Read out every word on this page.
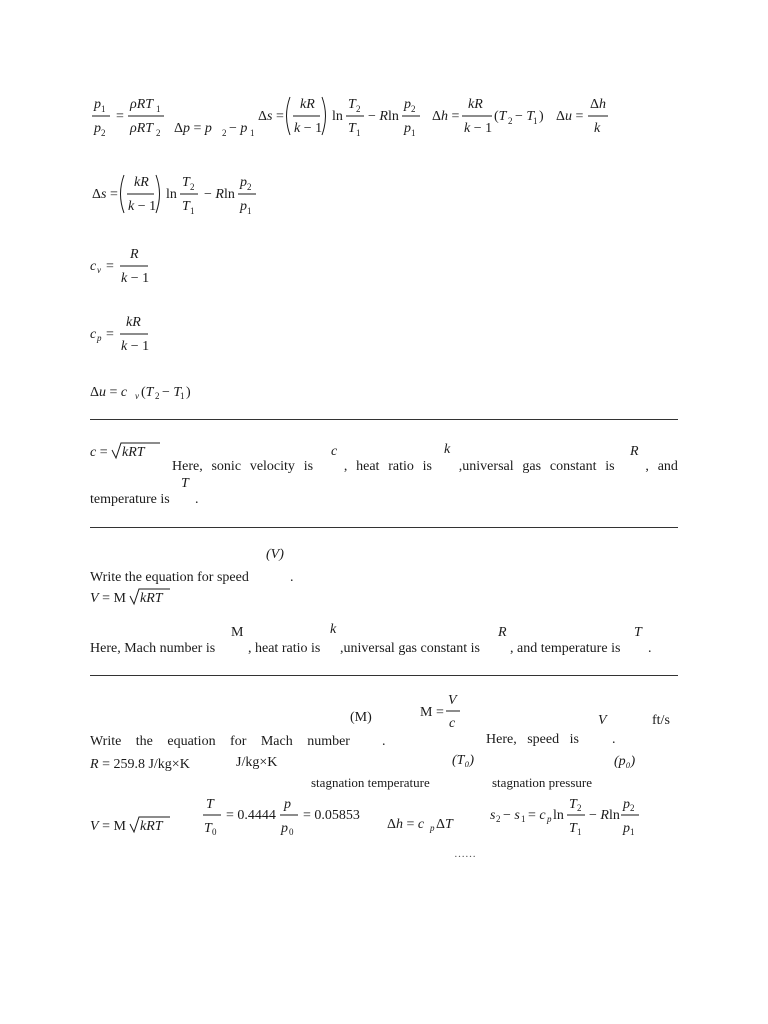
p 1
p 2
=
ρRT 1
ρRT 2 Δp = p 2 − p 1
Δs =
kR
k − 1
ln
T 2
T 1
− Rln
p 2
p 1
Δh =
kR
k − 1
(T 2 − T
1 ) Δu =
Δh
k
Δs =
kR
k − 1
ln
T 2
T 1
− Rln
p 2
p 1
c v =
R
k − 1
c p =
kR
k − 1
Δu = c v (T 2 − T
1 )
c = kRT	c	k	R
T
Here, sonic velocity is , heat ratio is ,universal gas constant is , and
temperature is .
(V)
Write the equation for speed	.
V = M kRT
M	k	R	T
Here, Mach number is , heat ratio is ,universal gas constant is , and temperature is .
(M)	M =
V
c	V	ft/s
Write the equation for Mach number .	Here,   speed   is .
R = 259.8 J/kg×K	J/kg×K	(T₀)	(p₀)
stagnation temperature	stagnation pressure
V = M kRT
T
T 0
= 0.4444
p
p 0
= 0.05853
Δh = c p ΔT
s 2 − s 1 = c p ln
T 2
T 1
− Rln
p 2
p 1
……
